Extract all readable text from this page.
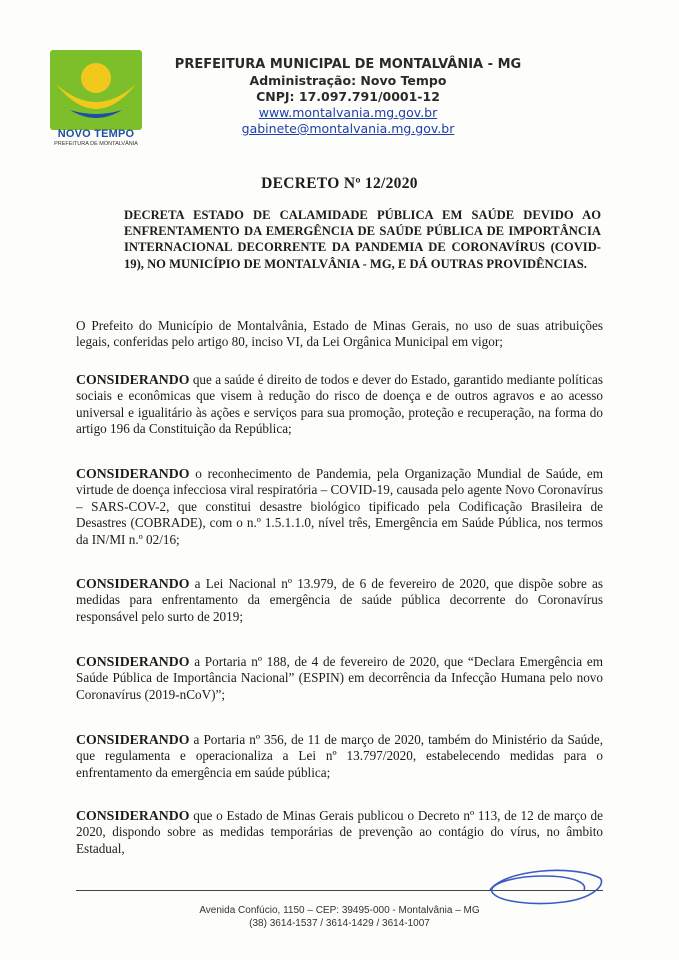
NOVO TEMPO
PREFEITURA DE MONTALVÂNIA
PREFEITURA MUNICIPAL DE MONTALVÂNIA - MG
Administração: Novo Tempo
CNPJ: 17.097.791/0001-12
www.montalvania.mg.gov.br
gabinete@montalvania.mg.gov.br
DECRETO Nº 12/2020
DECRETA ESTADO DE CALAMIDADE PÚBLICA EM SAÚDE DEVIDO AO ENFRENTAMENTO DA EMERGÊNCIA DE SAÚDE PÚBLICA DE IMPORTÂNCIA INTERNACIONAL DECORRENTE DA PANDEMIA DE CORONAVÍRUS (COVID-19), NO MUNICÍPIO DE MONTALVÂNIA - MG, E DÁ OUTRAS PROVIDÊNCIAS.
O Prefeito do Município de Montalvânia, Estado de Minas Gerais, no uso de suas atribuições legais, conferidas pelo artigo 80, inciso VI, da Lei Orgânica Municipal em vigor;
CONSIDERANDO que a saúde é direito de todos e dever do Estado, garantido mediante políticas sociais e econômicas que visem à redução do risco de doença e de outros agravos e ao acesso universal e igualitário às ações e serviços para sua promoção, proteção e recuperação, na forma do artigo 196 da Constituição da República;
CONSIDERANDO o reconhecimento de Pandemia, pela Organização Mundial de Saúde, em virtude de doença infecciosa viral respiratória – COVID-19, causada pelo agente Novo Coronavírus – SARS-COV-2, que constitui desastre biológico tipificado pela Codificação Brasileira de Desastres (COBRADE), com o n.º 1.5.1.1.0, nível três, Emergência em Saúde Pública, nos termos da IN/MI n.º 02/16;
CONSIDERANDO a Lei Nacional nº 13.979, de 6 de fevereiro de 2020, que dispõe sobre as medidas para enfrentamento da emergência de saúde pública decorrente do Coronavírus responsável pelo surto de 2019;
CONSIDERANDO a Portaria nº 188, de 4 de fevereiro de 2020, que “Declara Emergência em Saúde Pública de Importância Nacional” (ESPIN) em decorrência da Infecção Humana pelo novo Coronavírus (2019-nCoV)”;
CONSIDERANDO a Portaria nº 356, de 11 de março de 2020, também do Ministério da Saúde, que regulamenta e operacionaliza a Lei nº 13.797/2020, estabelecendo medidas para o enfrentamento da emergência em saúde pública;
CONSIDERANDO que o Estado de Minas Gerais publicou o Decreto nº 113, de 12 de março de 2020, dispondo sobre as medidas temporárias de prevenção ao contágio do vírus, no âmbito Estadual,
Avenida Confúcio, 1150 – CEP: 39495-000 - Montalvânia – MG
(38) 3614-1537 / 3614-1429 / 3614-1007
